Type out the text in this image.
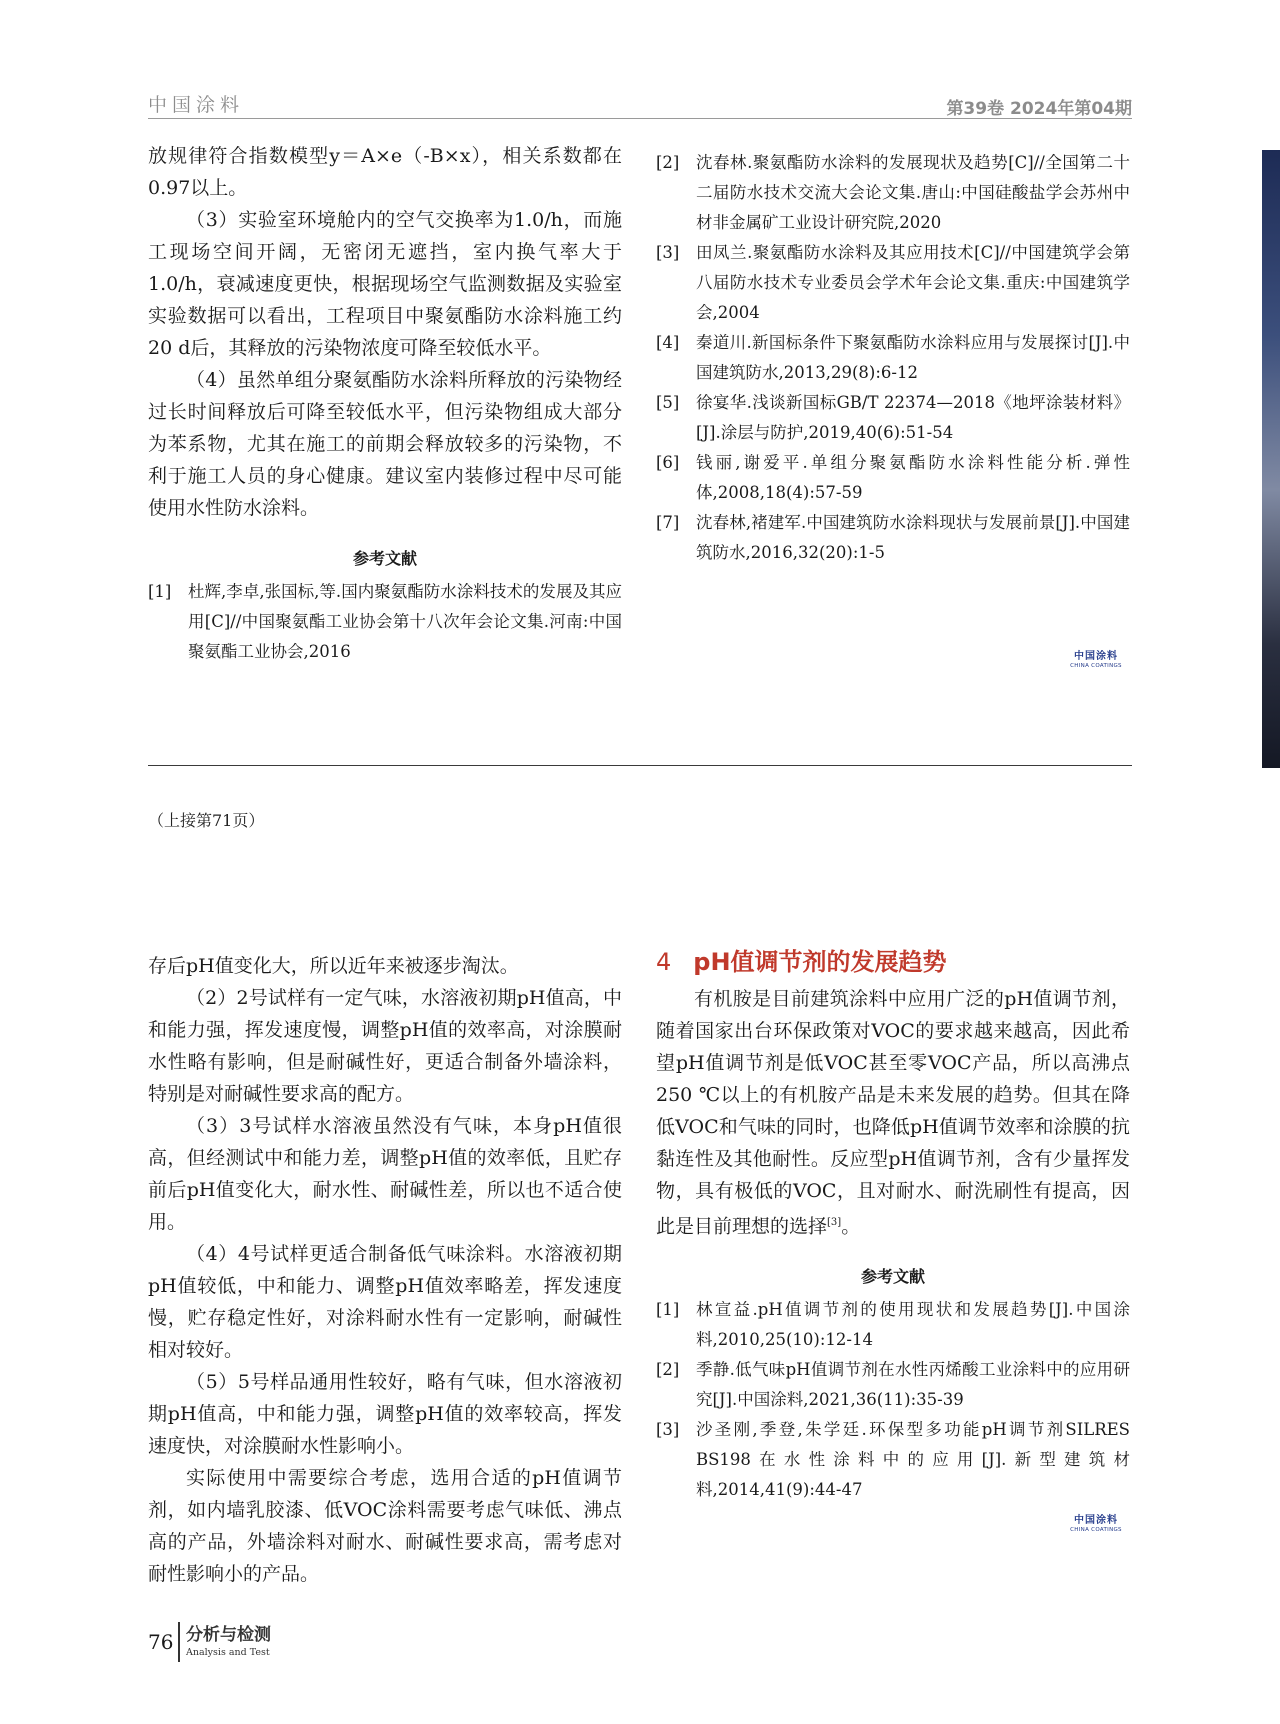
中国涂料	第39卷 2024年第04期

放规律符合指数模型y＝A×e（-B×x），相关系数都在0.97以上。

（3）实验室环境舱内的空气交换率为1.0/h，而施工现场空间开阔，无密闭无遮挡，室内换气率大于1.0/h，衰减速度更快，根据现场空气监测数据及实验室实验数据可以看出，工程项目中聚氨酯防水涂料施工约20 d后，其释放的污染物浓度可降至较低水平。

（4）虽然单组分聚氨酯防水涂料所释放的污染物经过长时间释放后可降至较低水平，但污染物组成大部分为苯系物，尤其在施工的前期会释放较多的污染物，不利于施工人员的身心健康。建议室内装修过程中尽可能使用水性防水涂料。

参考文献
[1] 杜辉,李卓,张国标,等.国内聚氨酯防水涂料技术的发展及其应用[C]//中国聚氨酯工业协会第十八次年会论文集.河南:中国聚氨酯工业协会,2016
[2] 沈春林.聚氨酯防水涂料的发展现状及趋势[C]//全国第二十二届防水技术交流大会论文集.唐山:中国硅酸盐学会苏州中材非金属矿工业设计研究院,2020
[3] 田凤兰.聚氨酯防水涂料及其应用技术[C]//中国建筑学会第八届防水技术专业委员会学术年会论文集.重庆:中国建筑学会,2004
[4] 秦道川.新国标条件下聚氨酯防水涂料应用与发展探讨[J].中国建筑防水,2013,29(8):6-12
[5] 徐宴华.浅谈新国标GB/T 22374—2018《地坪涂装材料》[J].涂层与防护,2019,40(6):51-54
[6] 钱丽,谢爱平.单组分聚氨酯防水涂料性能分析.弹性体,2008,18(4):57-59
[7] 沈春林,褚建军.中国建筑防水涂料现状与发展前景[J].中国建筑防水,2016,32(20):1-5
中国涂料
CHINA COATINGS
（上接第71页）

存后pH值变化大，所以近年来被逐步淘汰。

（2）2号试样有一定气味，水溶液初期pH值高，中和能力强，挥发速度慢，调整pH值的效率高，对涂膜耐水性略有影响，但是耐碱性好，更适合制备外墙涂料，特别是对耐碱性要求高的配方。

（3）3号试样水溶液虽然没有气味，本身pH值很高，但经测试中和能力差，调整pH值的效率低，且贮存前后pH值变化大，耐水性、耐碱性差，所以也不适合使用。

（4）4号试样更适合制备低气味涂料。水溶液初期pH值较低，中和能力、调整pH值效率略差，挥发速度慢，贮存稳定性好，对涂料耐水性有一定影响，耐碱性相对较好。

（5）5号样品通用性较好，略有气味，但水溶液初期pH值高，中和能力强，调整pH值的效率较高，挥发速度快，对涂膜耐水性影响小。

实际使用中需要综合考虑，选用合适的pH值调节剂，如内墙乳胶漆、低VOC涂料需要考虑气味低、沸点高的产品，外墙涂料对耐水、耐碱性要求高，需考虑对耐性影响小的产品。

4 pH值调节剂的发展趋势

有机胺是目前建筑涂料中应用广泛的pH值调节剂，随着国家出台环保政策对VOC的要求越来越高，因此希望pH值调节剂是低VOC甚至零VOC产品，所以高沸点250 ℃以上的有机胺产品是未来发展的趋势。但其在降低VOC和气味的同时，也降低pH值调节效率和涂膜的抗黏连性及其他耐性。反应型pH值调节剂，含有少量挥发物，具有极低的VOC，且对耐水、耐洗刷性有提高，因此是目前理想的选择[3]。

参考文献
[1] 林宣益.pH值调节剂的使用现状和发展趋势[J].中国涂料,2010,25(10):12-14
[2] 季静.低气味pH值调节剂在水性丙烯酸工业涂料中的应用研究[J].中国涂料,2021,36(11):35-39
[3] 沙圣刚,季登,朱学廷.环保型多功能pH调节剂SILRES BS198在水性涂料中的应用[J].新型建筑材料,2014,41(9):44-47
中国涂料
CHINA COATINGS
76 分析与检测
Analysis and Test
